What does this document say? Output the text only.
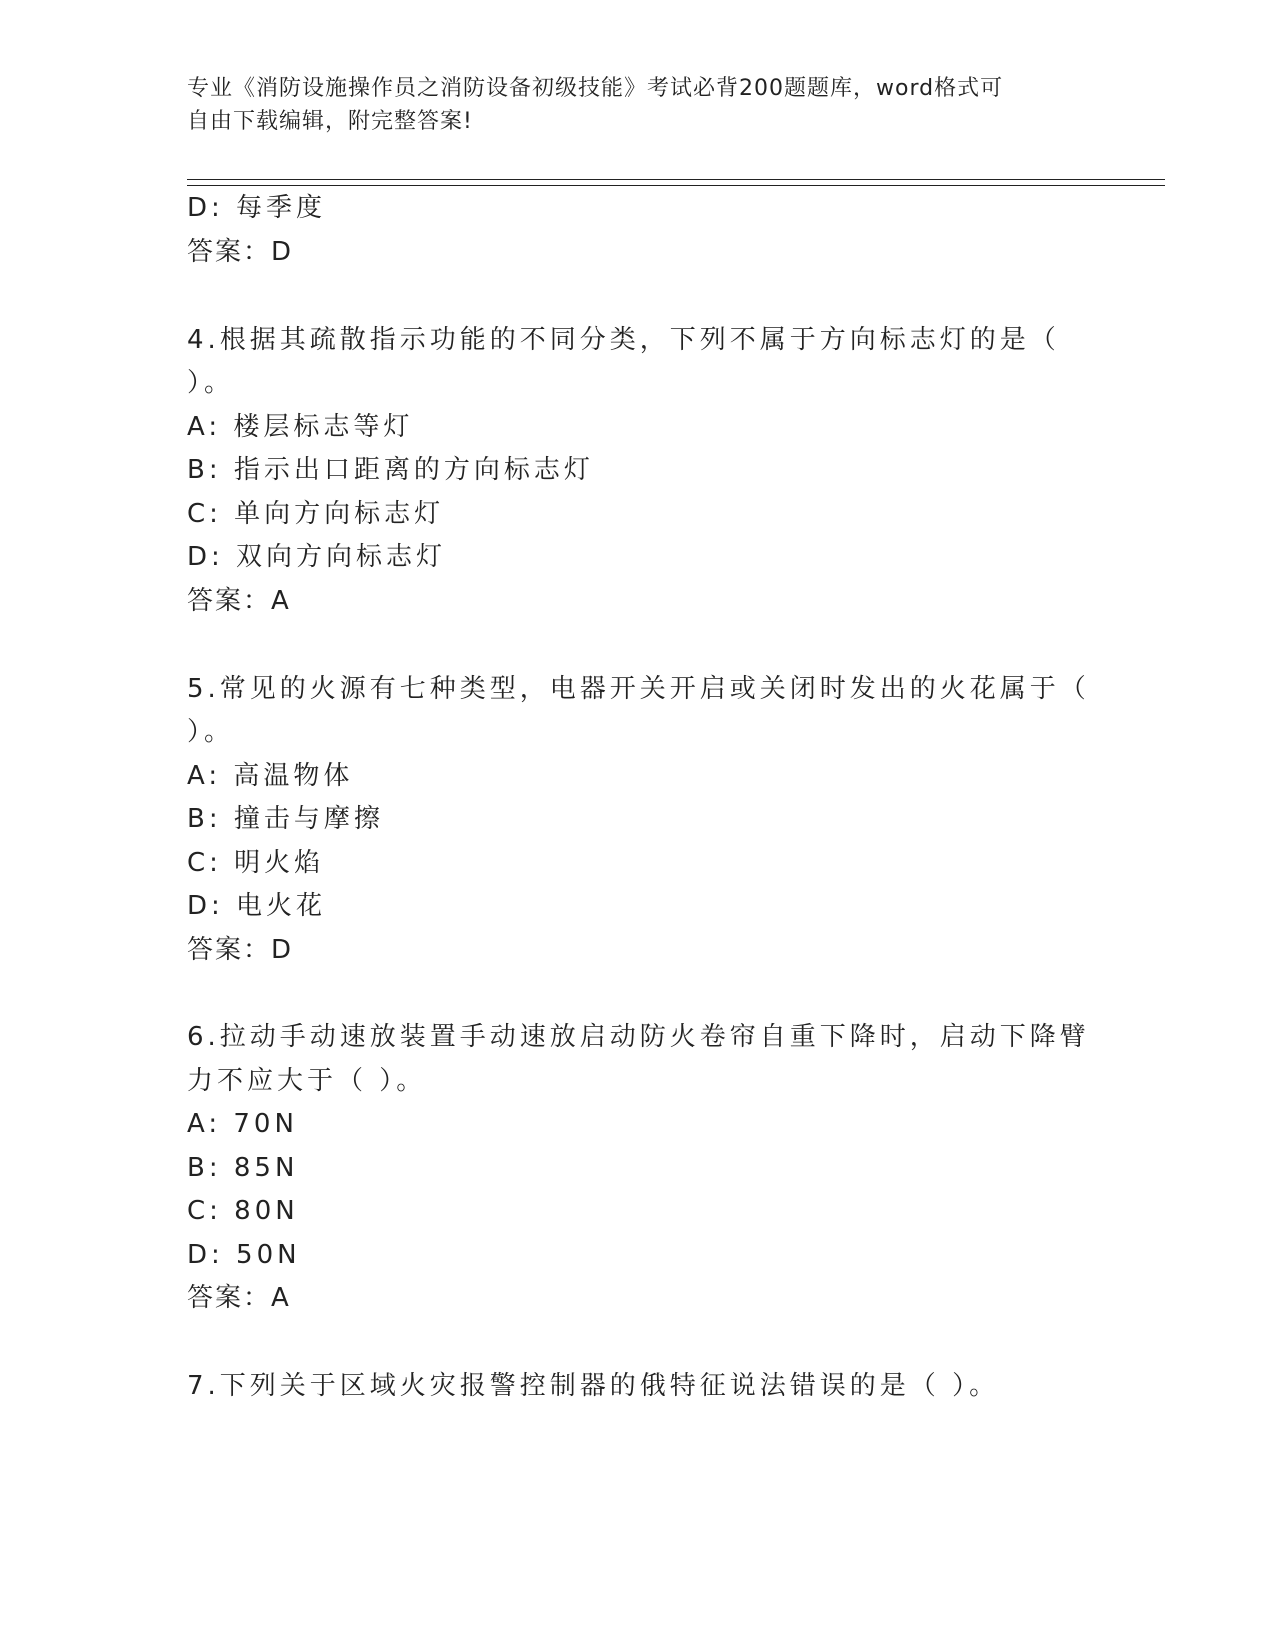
专业《消防设施操作员之消防设备初级技能》考试必背200题题库，word格式可
自由下载编辑，附完整答案!
D: 每季度
答案：D
4.根据其疏散指示功能的不同分类，下列不属于方向标志灯的是（
）。
A: 楼层标志等灯
B: 指示出口距离的方向标志灯
C: 单向方向标志灯
D: 双向方向标志灯
答案：A
5.常见的火源有七种类型，电器开关开启或关闭时发出的火花属于（
）。
A: 高温物体
B: 撞击与摩擦
C: 明火焰
D: 电火花
答案：D
6.拉动手动速放装置手动速放启动防火卷帘自重下降时，启动下降臂
力不应大于（ ）。
A: 70N
B: 85N
C: 80N
D: 50N
答案：A
7.下列关于区域火灾报警控制器的俄特征说法错误的是（ ）。
